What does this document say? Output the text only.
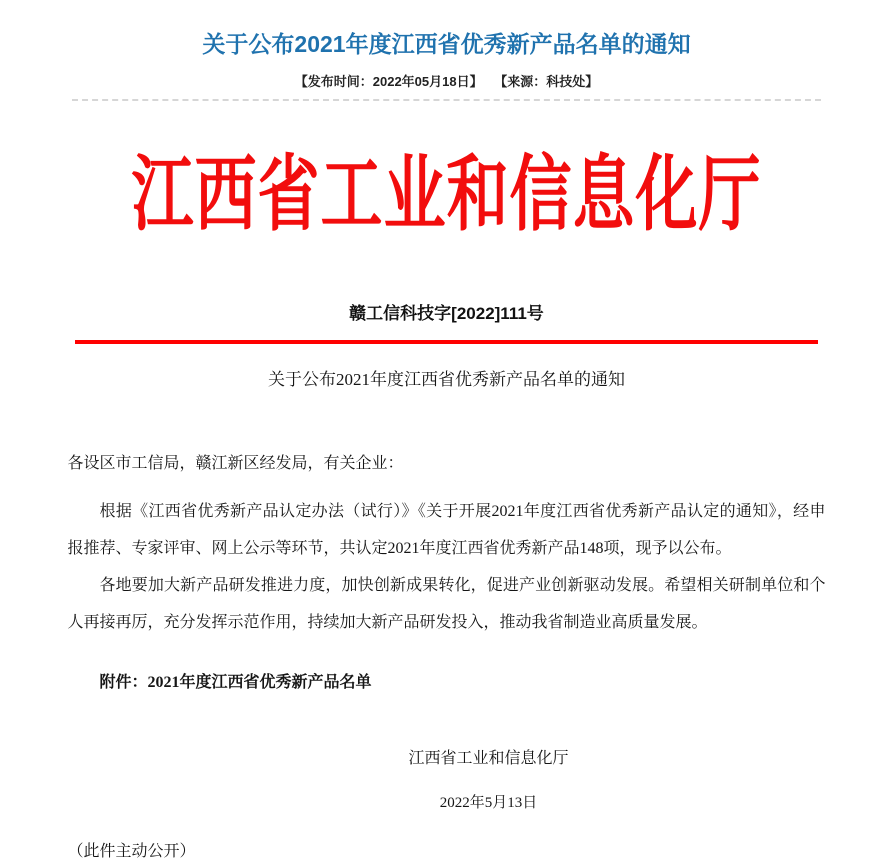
关于公布2021年度江西省优秀新产品名单的通知
【发布时间：2022年05月18日】 【来源：科技处】
江西省工业和信息化厅
赣工信科技字[2022]111号
关于公布2021年度江西省优秀新产品名单的通知

各设区市工信局，赣江新区经发局，有关企业：

根据《江西省优秀新产品认定办法（试行）》《关于开展2021年度江西省优秀新产品认定的通知》，经申报推荐、专家评审、网上公示等环节，共认定2021年度江西省优秀新产品148项，现予以公布。

各地要加大新产品研发推进力度，加快创新成果转化，促进产业创新驱动发展。希望相关研制单位和个人再接再厉，充分发挥示范作用，持续加大新产品研发投入，推动我省制造业高质量发展。

附件：2021年度江西省优秀新产品名单

江西省工业和信息化厅

2022年5月13日

（此件主动公开）
